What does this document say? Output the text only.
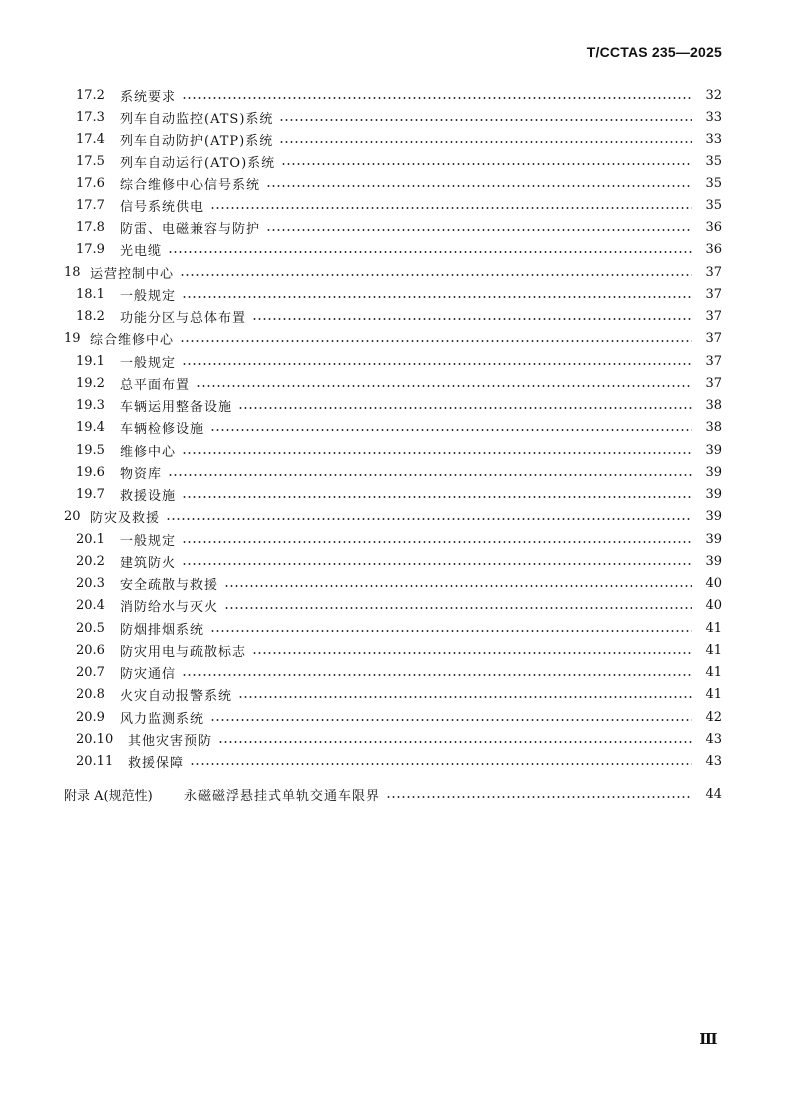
T/CCTAS 235—2025
17.2	系统要求	32
17.3	列车自动监控(ATS)系统	33
17.4	列车自动防护(ATP)系统	33
17.5	列车自动运行(ATO)系统	35
17.6	综合维修中心信号系统	35
17.7	信号系统供电	35
17.8	防雷、电磁兼容与防护	36
17.9	光电缆	36
18 运营控制中心	37
18.1	一般规定	37
18.2	功能分区与总体布置	37
19 综合维修中心	37
19.1	一般规定	37
19.2	总平面布置	37
19.3	车辆运用整备设施	38
19.4	车辆检修设施	38
19.5	维修中心	39
19.6	物资库	39
19.7	救援设施	39
20 防灾及救援	39
20.1	一般规定	39
20.2	建筑防火	39
20.3	安全疏散与救援	40
20.4	消防给水与灭火	40
20.5	防烟排烟系统	41
20.6	防灾用电与疏散标志	41
20.7	防灾通信	41
20.8	火灾自动报警系统	41
20.9	风力监测系统	42
20.10	其他灾害预防	43
20.11	救援保障	43
附录 A(规范性)	永磁磁浮悬挂式单轨交通车限界	44
Ⅲ
